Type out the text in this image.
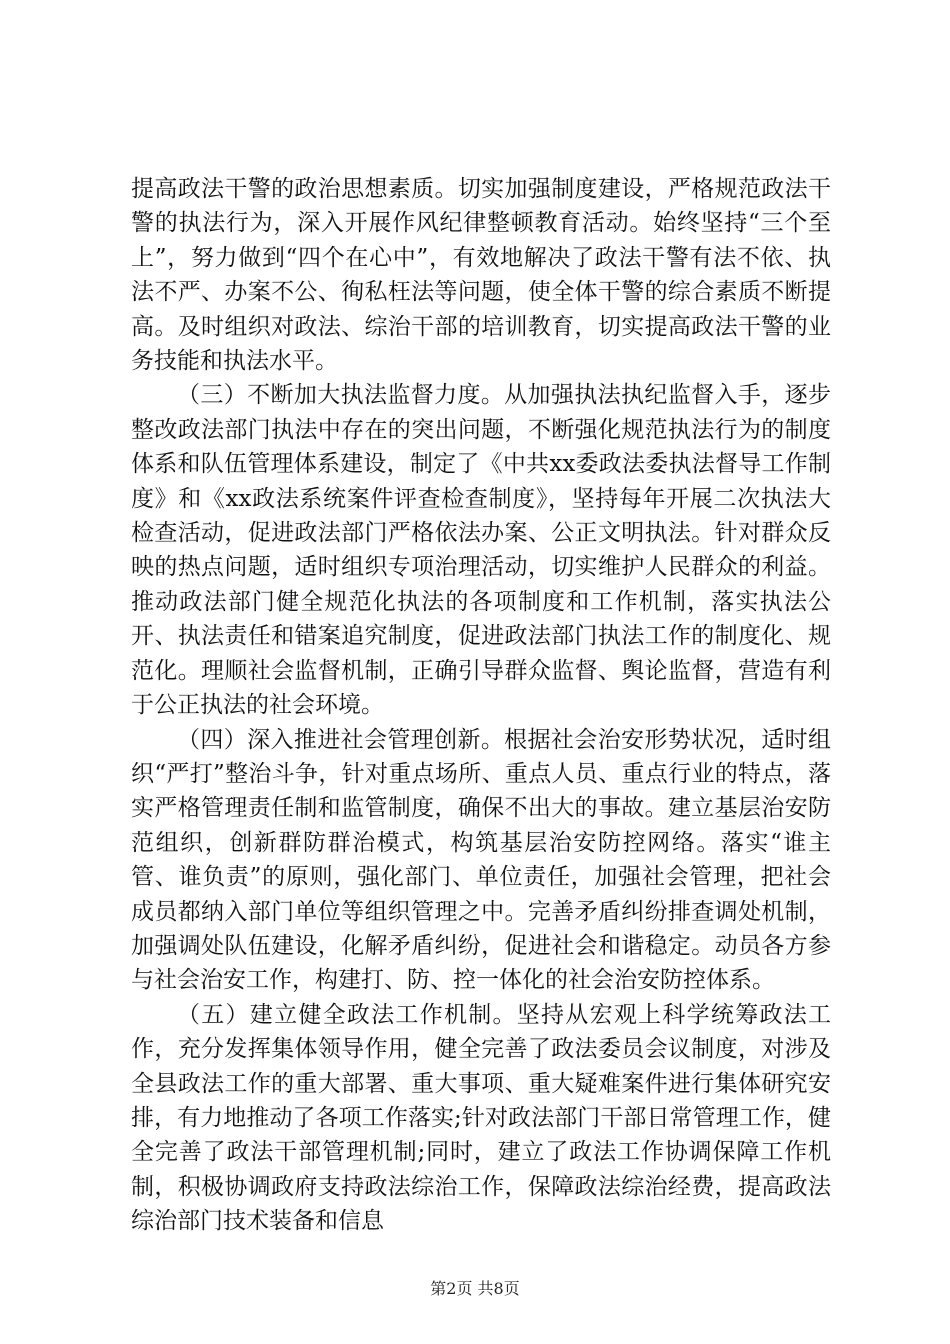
提高政法干警的政治思想素质。切实加强制度建设，严格规范政法干警的执法行为，深入开展作风纪律整顿教育活动。始终坚持“三个至上”，努力做到“四个在心中”，有效地解决了政法干警有法不依、执法不严、办案不公、徇私枉法等问题，使全体干警的综合素质不断提高。及时组织对政法、综治干部的培训教育，切实提高政法干警的业务技能和执法水平。

（三）不断加大执法监督力度。从加强执法执纪监督入手，逐步整改政法部门执法中存在的突出问题，不断强化规范执法行为的制度体系和队伍管理体系建设，制定了《中共xx委政法委执法督导工作制度》和《xx政法系统案件评查检查制度》，坚持每年开展二次执法大检查活动，促进政法部门严格依法办案、公正文明执法。针对群众反映的热点问题，适时组织专项治理活动，切实维护人民群众的利益。推动政法部门健全规范化执法的各项制度和工作机制，落实执法公开、执法责任和错案追究制度，促进政法部门执法工作的制度化、规范化。理顺社会监督机制，正确引导群众监督、舆论监督，营造有利于公正执法的社会环境。

（四）深入推进社会管理创新。根据社会治安形势状况，适时组织“严打”整治斗争，针对重点场所、重点人员、重点行业的特点，落实严格管理责任制和监管制度，确保不出大的事故。建立基层治安防范组织，创新群防群治模式，构筑基层治安防控网络。落实“谁主管、谁负责”的原则，强化部门、单位责任，加强社会管理，把社会成员都纳入部门单位等组织管理之中。完善矛盾纠纷排查调处机制，加强调处队伍建设，化解矛盾纠纷，促进社会和谐稳定。动员各方参与社会治安工作，构建打、防、控一体化的社会治安防控体系。

（五）建立健全政法工作机制。坚持从宏观上科学统筹政法工作，充分发挥集体领导作用，健全完善了政法委员会议制度，对涉及全县政法工作的重大部署、重大事项、重大疑难案件进行集体研究安排，有力地推动了各项工作落实;针对政法部门干部日常管理工作，健全完善了政法干部管理机制;同时，建立了政法工作协调保障工作机制，积极协调政府支持政法综治工作，保障政法综治经费，提高政法综治部门技术装备和信息

第2页 共8页
